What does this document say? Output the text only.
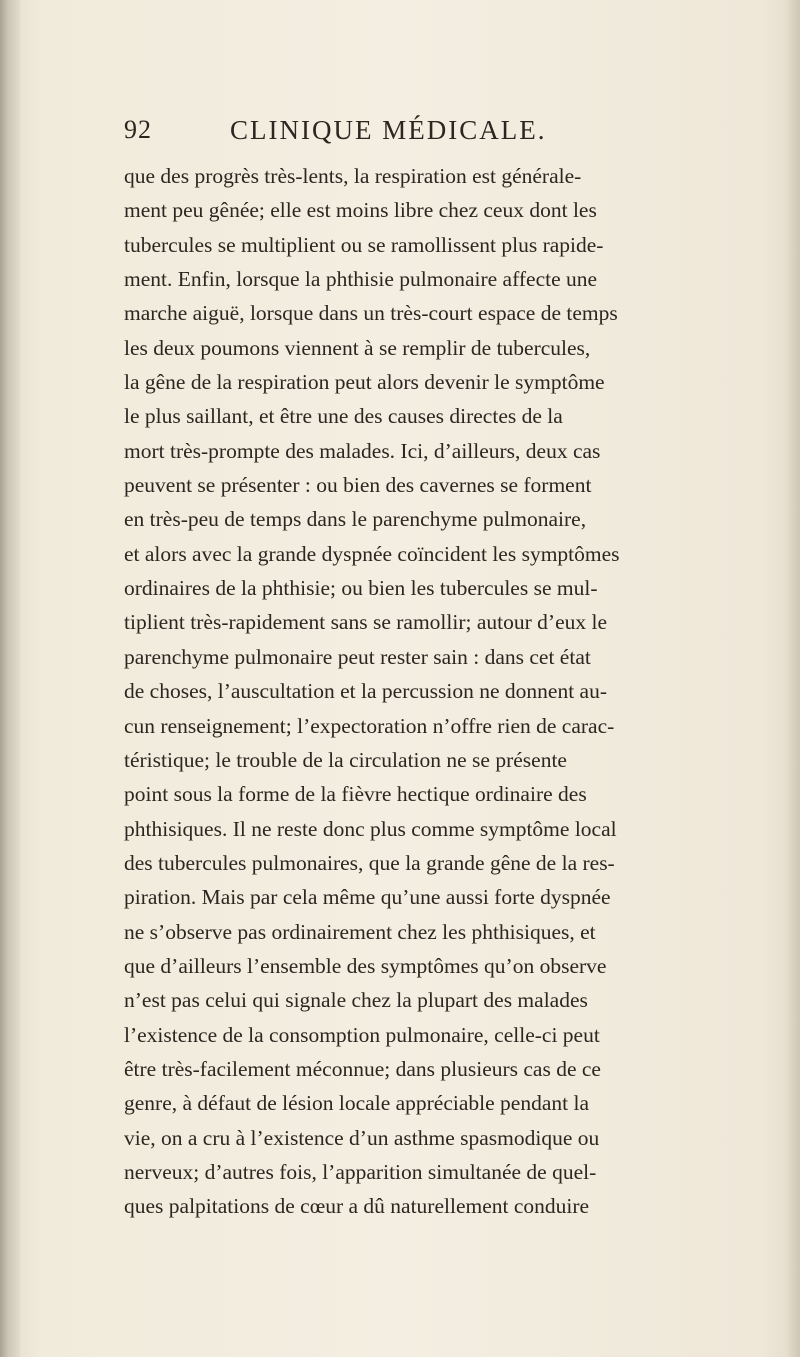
92	CLINIQUE MÉDICALE.
que des progrès très-lents, la respiration est générale-
ment peu gênée; elle est moins libre chez ceux dont les
tubercules se multiplient ou se ramollissent plus rapide-
ment. Enfin, lorsque la phthisie pulmonaire affecte une
marche aiguë, lorsque dans un très-court espace de temps
les deux poumons viennent à se remplir de tubercules,
la gêne de la respiration peut alors devenir le symptôme
le plus saillant, et être une des causes directes de la
mort très-prompte des malades. Ici, d’ailleurs, deux cas
peuvent se présenter : ou bien des cavernes se forment
en très-peu de temps dans le parenchyme pulmonaire,
et alors avec la grande dyspnée coïncident les symptômes
ordinaires de la phthisie; ou bien les tubercules se mul-
tiplient très-rapidement sans se ramollir; autour d’eux le
parenchyme pulmonaire peut rester sain : dans cet état
de choses, l’auscultation et la percussion ne donnent au-
cun renseignement; l’expectoration n’offre rien de carac-
téristique; le trouble de la circulation ne se présente
point sous la forme de la fièvre hectique ordinaire des
phthisiques. Il ne reste donc plus comme symptôme local
des tubercules pulmonaires, que la grande gêne de la res-
piration. Mais par cela même qu’une aussi forte dyspnée
ne s’observe pas ordinairement chez les phthisiques, et
que d’ailleurs l’ensemble des symptômes qu’on observe
n’est pas celui qui signale chez la plupart des malades
l’existence de la consomption pulmonaire, celle-ci peut
être très-facilement méconnue; dans plusieurs cas de ce
genre, à défaut de lésion locale appréciable pendant la
vie, on a cru à l’existence d’un asthme spasmodique ou
nerveux; d’autres fois, l’apparition simultanée de quel-
ques palpitations de cœur a dû naturellement conduire
